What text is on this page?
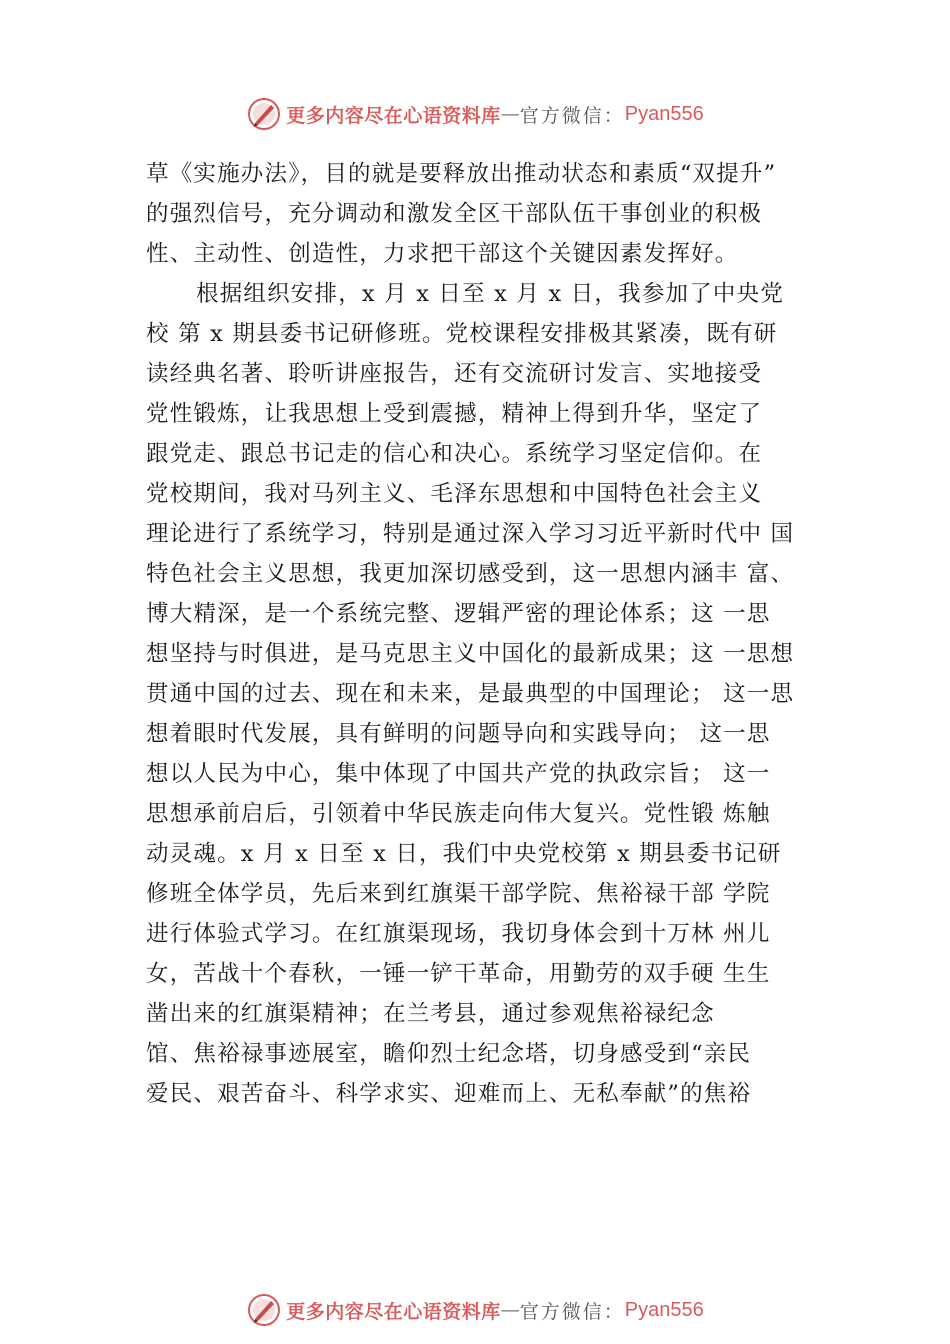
更多内容尽在心语资料库 — 官方微信： Pyan556
草《实施办法》，目的就是要释放出推动状态和素质“双提升”
的强烈信号，充分调动和激发全区干部队伍干事创业的积极
性、主动性、创造性，力求把干部这个关键因素发挥好。
根据组织安排，x 月 x 日至 x 月 x 日，我参加了中央党
校 第 x 期县委书记研修班。党校课程安排极其紧凑，既有研
读经典名著、聆听讲座报告，还有交流研讨发言、实地接受
党性锻炼，让我思想上受到震撼，精神上得到升华，坚定了
跟党走、跟总书记走的信心和决心。系统学习坚定信仰。在
党校期间，我对马列主义、毛泽东思想和中国特色社会主义
理论进行了系统学习，特别是通过深入学习习近平新时代中 国
特色社会主义思想，我更加深切感受到，这一思想内涵丰 富、
博大精深，是一个系统完整、逻辑严密的理论体系；这 一思
想坚持与时俱进，是马克思主义中国化的最新成果；这 一思想
贯通中国的过去、现在和未来，是最典型的中国理论； 这一思
想着眼时代发展，具有鲜明的问题导向和实践导向； 这一思
想以人民为中心，集中体现了中国共产党的执政宗旨； 这一
思想承前启后，引领着中华民族走向伟大复兴。党性锻 炼触
动灵魂。x 月 x 日至 x 日，我们中央党校第 x 期县委书记研
修班全体学员，先后来到红旗渠干部学院、焦裕禄干部 学院
进行体验式学习。在红旗渠现场，我切身体会到十万林 州儿
女，苦战十个春秋，一锤一铲干革命，用勤劳的双手硬 生生
凿出来的红旗渠精神；在兰考县，通过参观焦裕禄纪念
馆、焦裕禄事迹展室，瞻仰烈士纪念塔，切身感受到“亲民
爱民、艰苦奋斗、科学求实、迎难而上、无私奉献”的焦裕
更多内容尽在心语资料库 — 官方微信： Pyan556
